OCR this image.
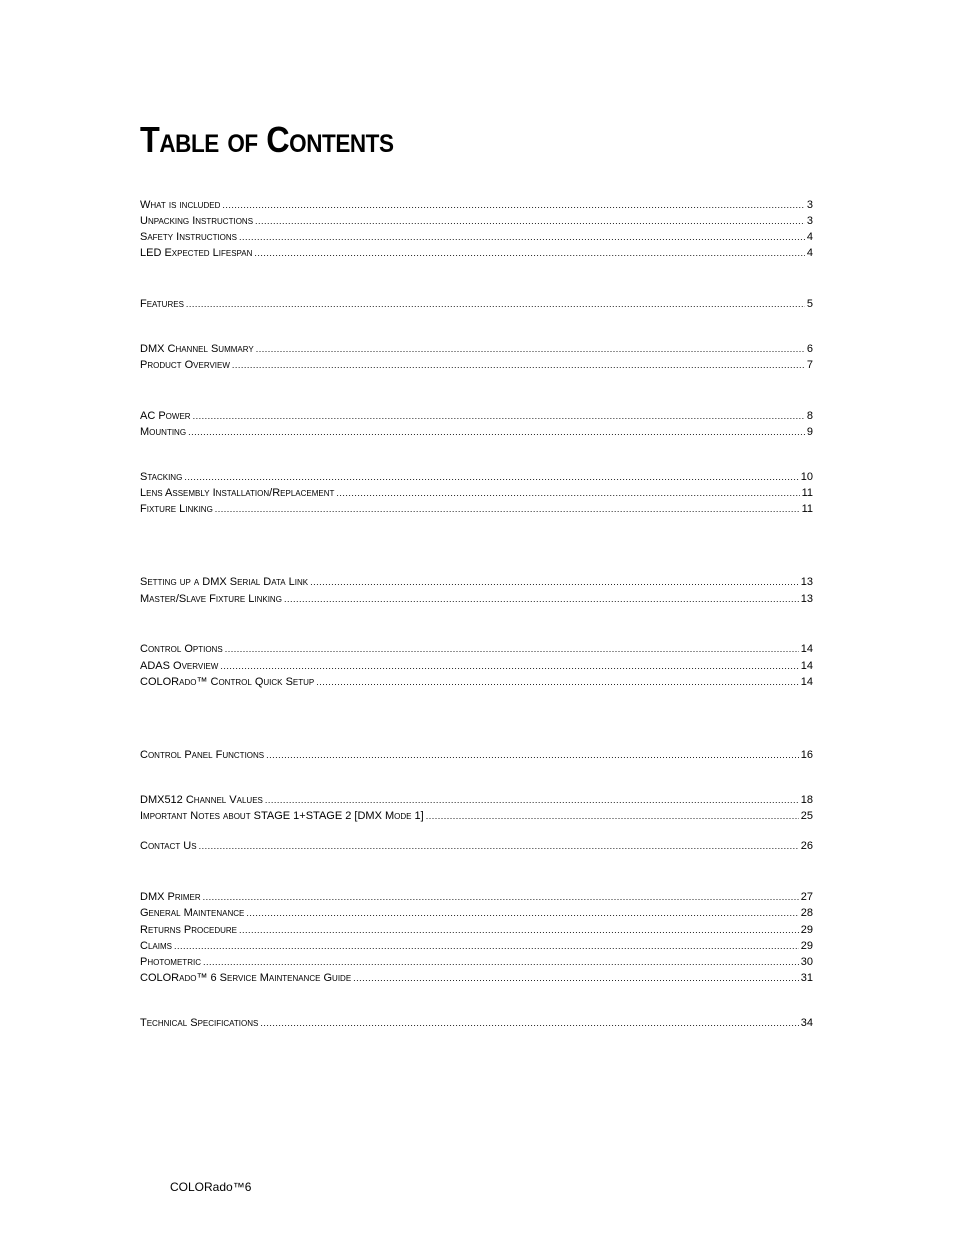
Table of Contents
What is included .....	3
Unpacking Instructions .....	3
Safety Instructions .....	4
LED Expected Lifespan .....	4
Features .....	5
DMX Channel Summary .....	6
Product Overview .....	7
AC Power .....	8
Mounting .....	9
Stacking .....	10
Lens Assembly Installation/Replacement .....	11
Fixture Linking .....	11
Setting up a DMX Serial Data Link .....	13
Master/Slave Fixture Linking .....	13
Control Options .....	14
ADAS Overview .....	14
COLORado™ Control Quick Setup .....	14
Control Panel Functions .....	16
DMX512 Channel Values .....	18
Important Notes about STAGE 1+STAGE 2 [DMX Mode 1] .....	25
Contact Us .....	26
DMX Primer .....	27
General Maintenance .....	28
Returns Procedure .....	29
Claims .....	29
Photometric .....	30
COLORado™ 6 Service Maintenance Guide .....	31
Technical Specifications .....	34
COLORado™6
